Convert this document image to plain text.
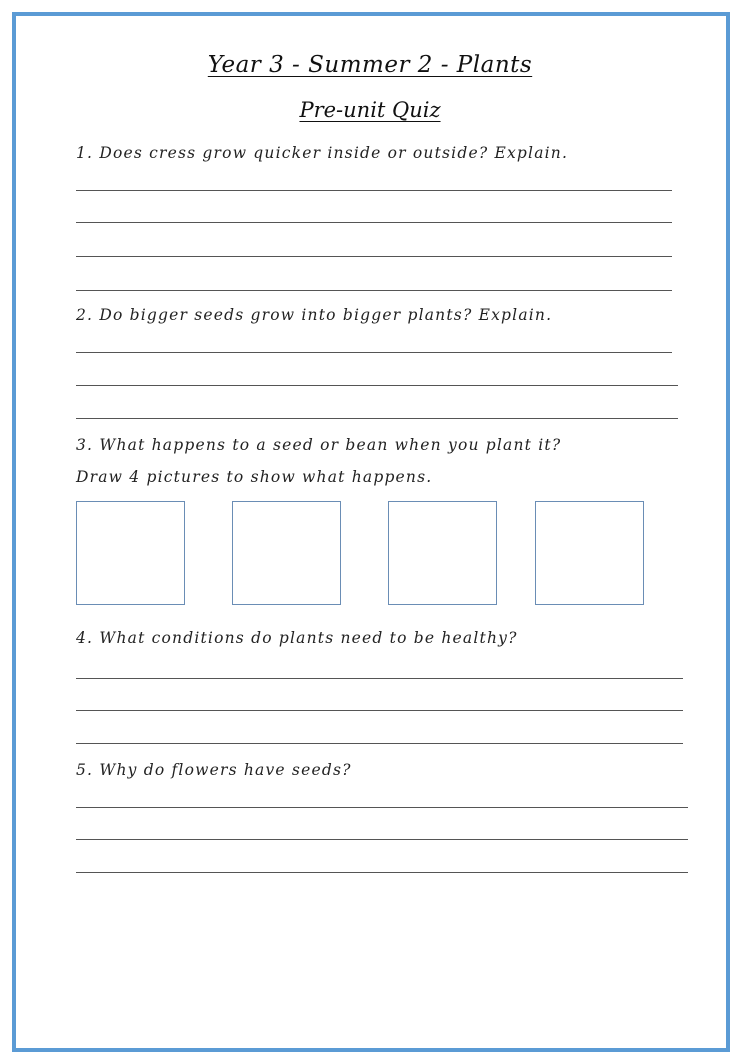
Year 3 - Summer 2 - Plants
Pre-unit Quiz
1. Does cress grow quicker inside or outside? Explain.
2. Do bigger seeds grow into bigger plants? Explain.
3. What happens to a seed or bean when you plant it?
Draw 4 pictures to show what happens.
4. What conditions do plants need to be healthy?
5. Why do flowers have seeds?
